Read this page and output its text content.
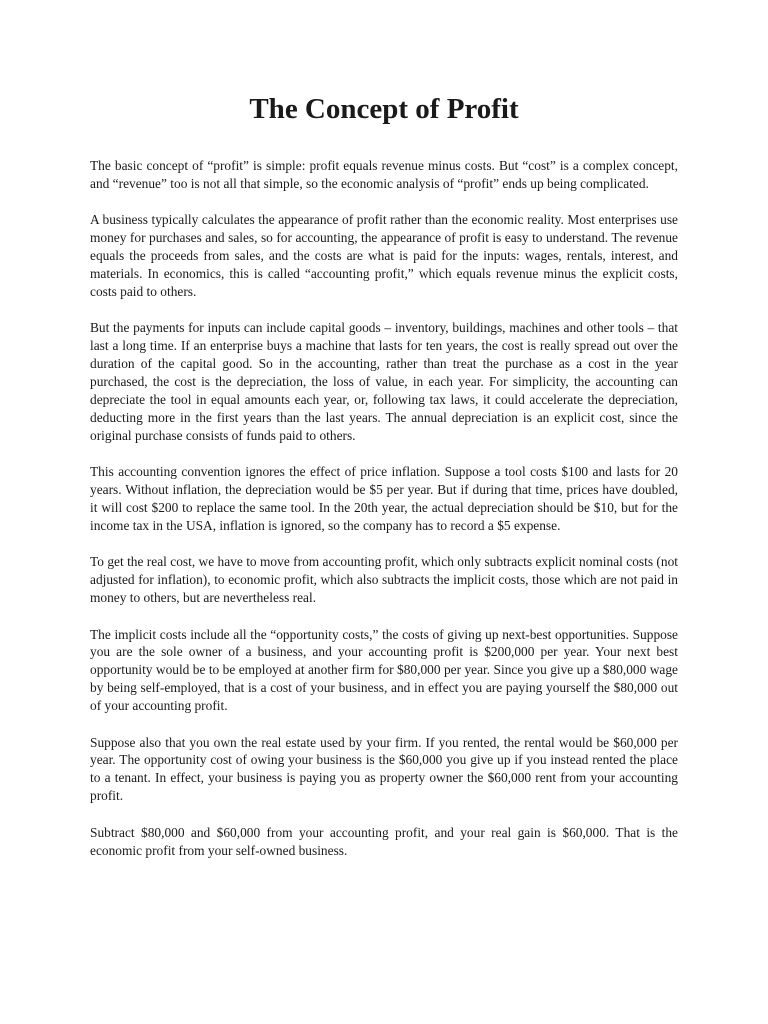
The Concept of Profit

The basic concept of “profit” is simple: profit equals revenue minus costs. But “cost” is a complex concept, and “revenue” too is not all that simple, so the economic analysis of “profit” ends up being complicated.

A business typically calculates the appearance of profit rather than the economic reality. Most enterprises use money for purchases and sales, so for accounting, the appearance of profit is easy to understand. The revenue equals the proceeds from sales, and the costs are what is paid for the inputs: wages, rentals, interest, and materials. In economics, this is called “accounting profit,” which equals revenue minus the explicit costs, costs paid to others.

But the payments for inputs can include capital goods – inventory, buildings, machines and other tools – that last a long time. If an enterprise buys a machine that lasts for ten years, the cost is really spread out over the duration of the capital good. So in the accounting, rather than treat the purchase as a cost in the year purchased, the cost is the depreciation, the loss of value, in each year. For simplicity, the accounting can depreciate the tool in equal amounts each year, or, following tax laws, it could accelerate the depreciation, deducting more in the first years than the last years. The annual depreciation is an explicit cost, since the original purchase consists of funds paid to others.

This accounting convention ignores the effect of price inflation. Suppose a tool costs $100 and lasts for 20 years. Without inflation, the depreciation would be $5 per year. But if during that time, prices have doubled, it will cost $200 to replace the same tool. In the 20th year, the actual depreciation should be $10, but for the income tax in the USA, inflation is ignored, so the company has to record a $5 expense.

To get the real cost, we have to move from accounting profit, which only subtracts explicit nominal costs (not adjusted for inflation), to economic profit, which also subtracts the implicit costs, those which are not paid in money to others, but are nevertheless real.

The implicit costs include all the “opportunity costs,” the costs of giving up next-best opportunities. Suppose you are the sole owner of a business, and your accounting profit is $200,000 per year. Your next best opportunity would be to be employed at another firm for $80,000 per year. Since you give up a $80,000 wage by being self-employed, that is a cost of your business, and in effect you are paying yourself the $80,000 out of your accounting profit.

Suppose also that you own the real estate used by your firm. If you rented, the rental would be $60,000 per year. The opportunity cost of owing your business is the $60,000 you give up if you instead rented the place to a tenant. In effect, your business is paying you as property owner the $60,000 rent from your accounting profit.

Subtract $80,000 and $60,000 from your accounting profit, and your real gain is $60,000. That is the economic profit from your self-owned business.
